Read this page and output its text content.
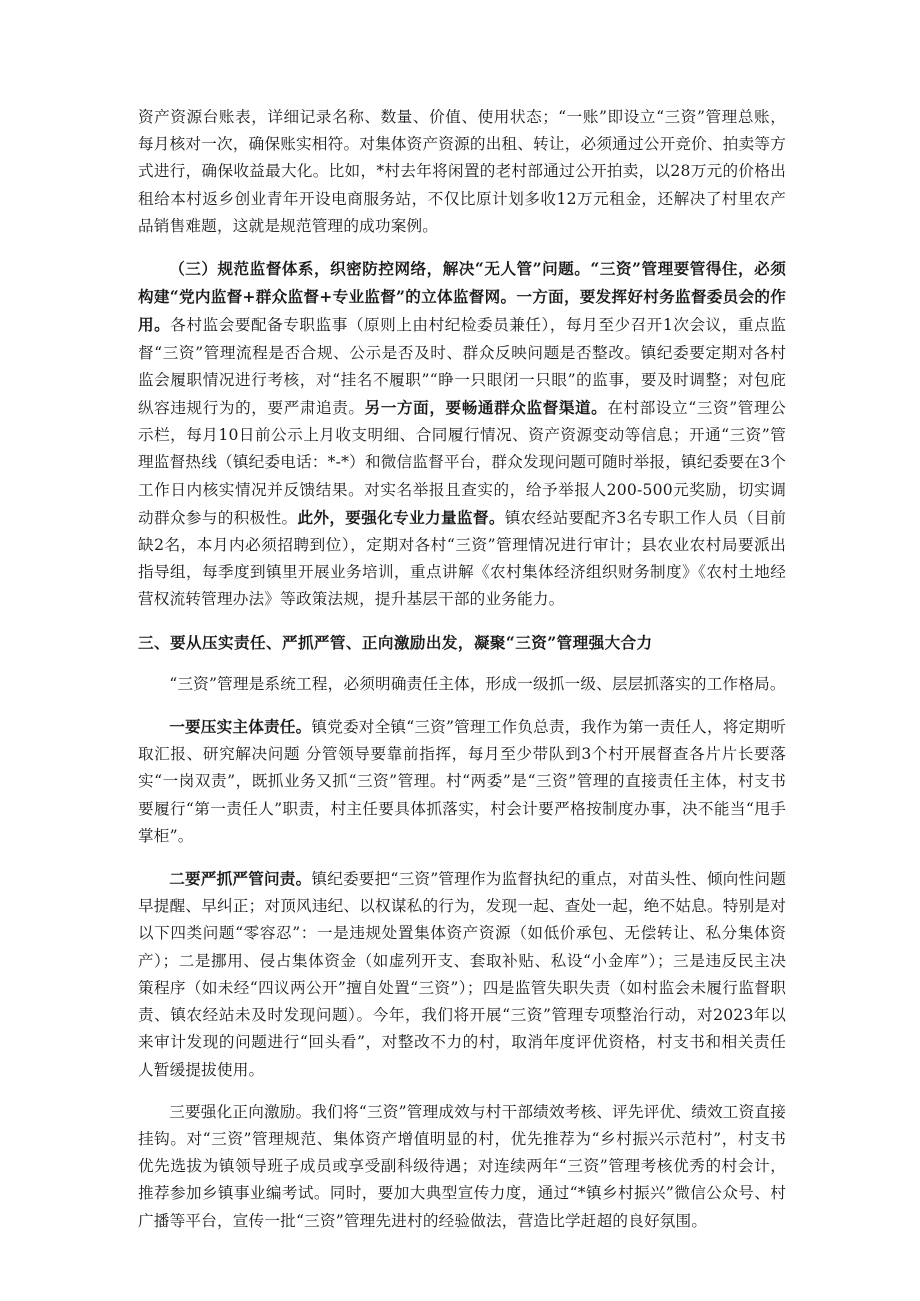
资产资源台账表，详细记录名称、数量、价值、使用状态；“一账”即设立“三资”管理总账，每月核对一次，确保账实相符。对集体资产资源的出租、转让，必须通过公开竞价、拍卖等方式进行，确保收益最大化。比如，*村去年将闲置的老村部通过公开拍卖，以28万元的价格出租给本村返乡创业青年开设电商服务站，不仅比原计划多收12万元租金，还解决了村里农产品销售难题，这就是规范管理的成功案例。

（三）规范监督体系，织密防控网络，解决“无人管”问题。“三资”管理要管得住，必须构建“党内监督+群众监督+专业监督”的立体监督网。一方面，要发挥好村务监督委员会的作用。各村监会要配备专职监事（原则上由村纪检委员兼任），每月至少召开1次会议，重点监督“三资”管理流程是否合规、公示是否及时、群众反映问题是否整改。镇纪委要定期对各村监会履职情况进行考核，对“挂名不履职”“睁一只眼闭一只眼”的监事，要及时调整；对包庇纵容违规行为的，要严肃追责。另一方面，要畅通群众监督渠道。在村部设立“三资”管理公示栏，每月10日前公示上月收支明细、合同履行情况、资产资源变动等信息；开通“三资”管理监督热线（镇纪委电话：*-*）和微信监督平台，群众发现问题可随时举报，镇纪委要在3个工作日内核实情况并反馈结果。对实名举报且查实的，给予举报人200-500元奖励，切实调动群众参与的积极性。此外，要强化专业力量监督。镇农经站要配齐3名专职工作人员（目前缺2名，本月内必须招聘到位），定期对各村“三资”管理情况进行审计；县农业农村局要派出指导组，每季度到镇里开展业务培训，重点讲解《农村集体经济组织财务制度》《农村土地经营权流转管理办法》等政策法规，提升基层干部的业务能力。

三、要从压实责任、严抓严管、正向激励出发，凝聚“三资”管理强大合力

“三资”管理是系统工程，必须明确责任主体，形成一级抓一级、层层抓落实的工作格局。

一要压实主体责任。镇党委对全镇“三资”管理工作负总责，我作为第一责任人，将定期听取汇报、研究解决问题 分管领导要靠前指挥，每月至少带队到3个村开展督查各片片长要落实“一岗双责”，既抓业务又抓“三资”管理。村“两委”是“三资”管理的直接责任主体，村支书要履行“第一责任人”职责，村主任要具体抓落实，村会计要严格按制度办事，决不能当“甩手掌柜”。

二要严抓严管问责。镇纪委要把“三资”管理作为监督执纪的重点，对苗头性、倾向性问题早提醒、早纠正；对顶风违纪、以权谋私的行为，发现一起、查处一起，绝不姑息。特别是对以下四类问题“零容忍”：一是违规处置集体资产资源（如低价承包、无偿转让、私分集体资产）；二是挪用、侵占集体资金（如虚列开支、套取补贴、私设“小金库”）；三是违反民主决策程序（如未经“四议两公开”擅自处置“三资”）；四是监管失职失责（如村监会未履行监督职责、镇农经站未及时发现问题）。今年，我们将开展“三资”管理专项整治行动，对2023年以来审计发现的问题进行“回头看”，对整改不力的村，取消年度评优资格，村支书和相关责任人暂缓提拔使用。

三要强化正向激励。我们将“三资”管理成效与村干部绩效考核、评先评优、绩效工资直接挂钩。对“三资”管理规范、集体资产增值明显的村，优先推荐为“乡村振兴示范村”，村支书优先选拔为镇领导班子成员或享受副科级待遇；对连续两年“三资”管理考核优秀的村会计，推荐参加乡镇事业编考试。同时，要加大典型宣传力度，通过“*镇乡村振兴”微信公众号、村广播等平台，宣传一批“三资”管理先进村的经验做法，营造比学赶超的良好氛围。
